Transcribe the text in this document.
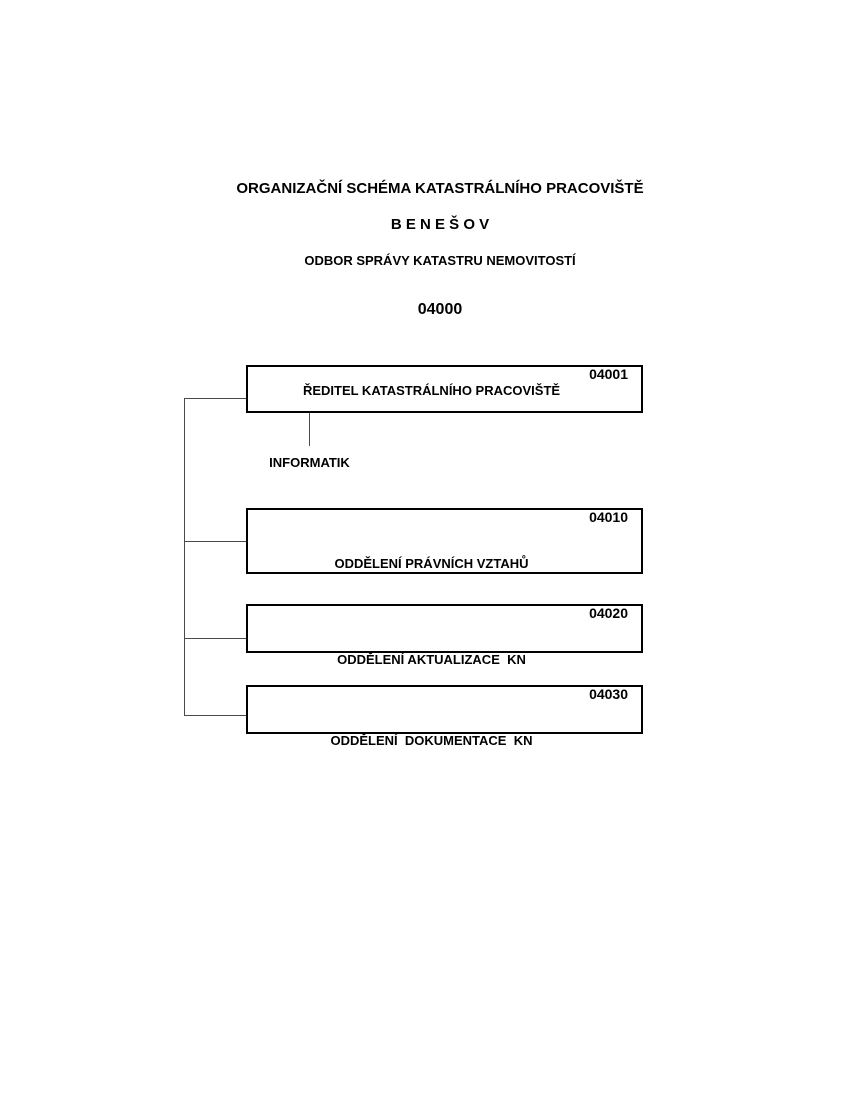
ORGANIZAČNÍ SCHÉMA KATASTRÁLNÍHO PRACOVIŠTĚ
B E N E Š O V
ODBOR SPRÁVY KATASTRU NEMOVITOSTÍ
04000
04001
ŘEDITEL KATASTRÁLNÍHO PRACOVIŠTĚ
INFORMATIK
04010

ODDĚLENÍ PRÁVNÍCH VZTAHŮ

04020

ODDĚLENÍ AKTUALIZACE  KN

04030

ODDĚLENÍ  DOKUMENTACE  KN
